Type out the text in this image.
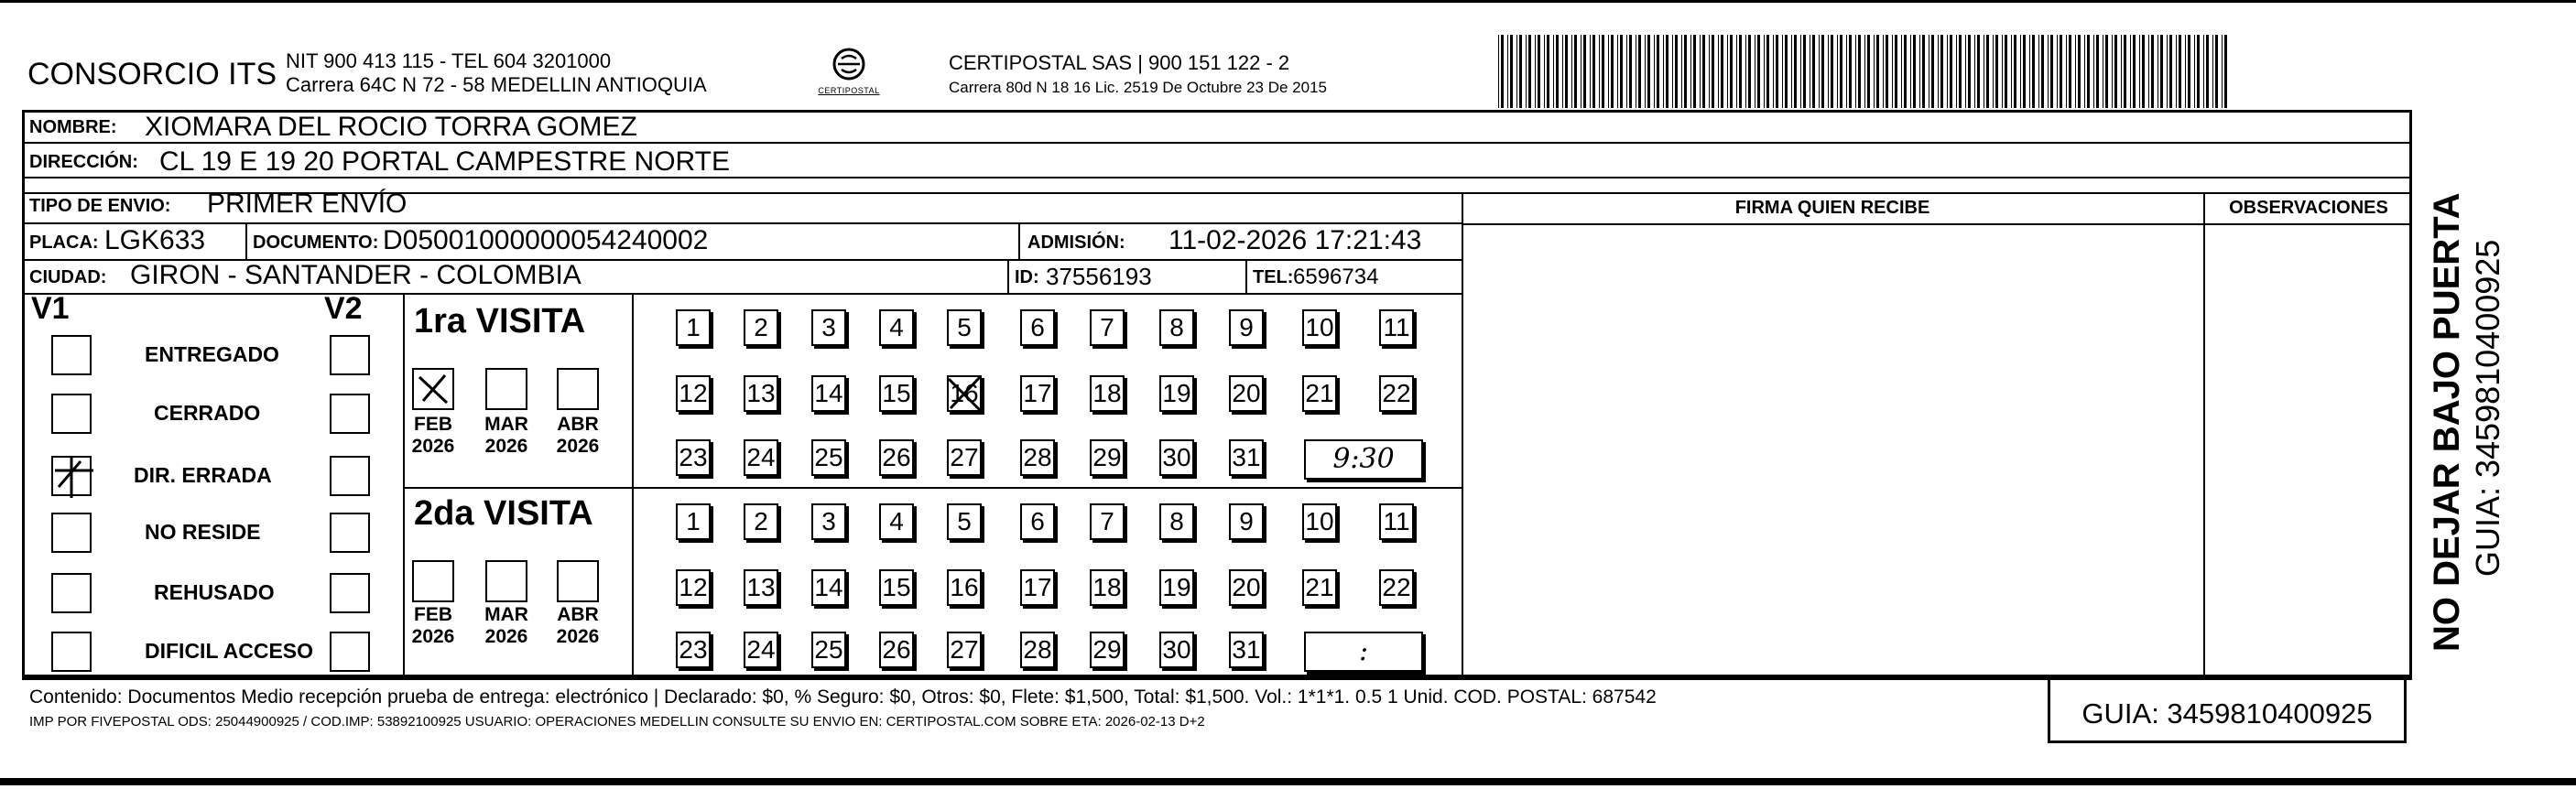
CONSORCIO ITS NIT 900 413 115 - TEL 604 3201000
Carrera 64C N 72 - 58 MEDELLIN ANTIOQUIA	CERTIPOSTAL
CERTIPOSTAL SAS | 900 151 122 - 2
Carrera 80d N 18 16 Lic. 2519 De Octubre 23 De 2015
NOMBRE: XIOMARA DEL ROCIO TORRA GOMEZ
DIRECCIÓN: CL 19 E 19 20 PORTAL CAMPESTRE NORTE
TIPO DE ENVIO: PRIMER ENVÍO
PLACA: LGK633	DOCUMENTO: D05001000000054240002	ADMISIÓN: 11-02-2026 17:21:43
CIUDAD: GIRON - SANTANDER - COLOMBIA	ID: 37556193	TEL: 6596734
FIRMA QUIEN RECIBE	OBSERVACIONES
V1	V2
ENTREGADO
CERRADO
DIR. ERRADA
NO RESIDE
REHUSADO
DIFICIL ACCESO
1ra VISITA
2da VISITA
FEB
2026
MAR
2026
ABR
2026
FEB
2026
MAR
2026
ABR
2026
1	2	3	4	5	6	7	8	9	10 11
12 13 14 15 16 17 18 19 20 21 22
23 24 25 26 27 28 29 30 31	9:30
1	2	3	4	5	6	7	8	9	10 11
12 13 14 15 16 17 18 19 20 21 22
23 24 25 26 27 28 29 30 31	:	NO DEJAR BAJO PUERTA GUIA: 3459810400925
Contenido: Documentos Medio recepción prueba de entrega: electrónico | Declarado: $0, % Seguro: $0, Otros: $0, Flete: $1,500, Total: $1,500. Vol.: 1*1*1. 0.5 1 Unid. COD. POSTAL: 687542
IMP POR FIVEPOSTAL ODS: 25044900925 / COD.IMP: 53892100925 USUARIO: OPERACIONES MEDELLIN CONSULTE SU ENVIO EN: CERTIPOSTAL.COM SOBRE ETA: 2026-02-13 D+2	GUIA: 3459810400925
